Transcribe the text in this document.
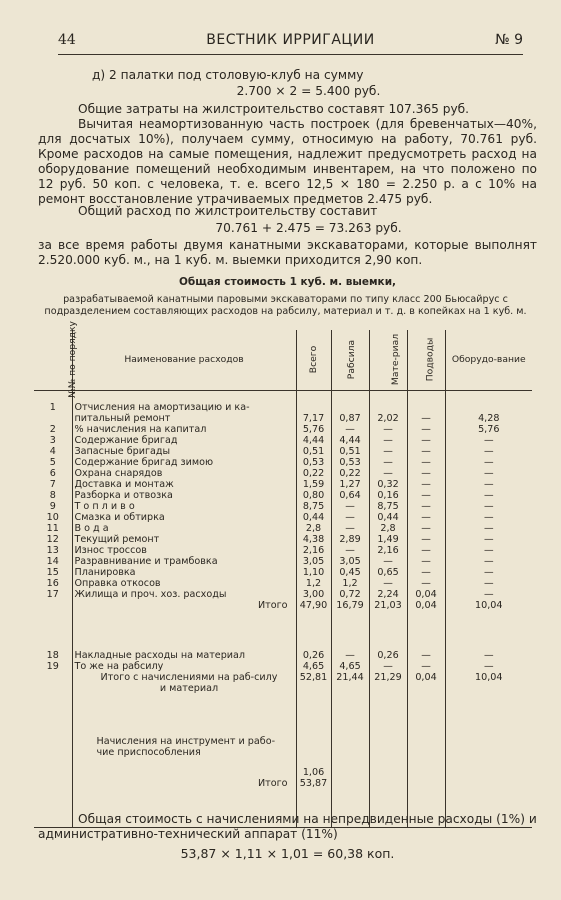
44	ВЕСТНИК ИРРИГАЦИИ	№ 9
д) 2 палатки под столовую-клуб на сумму
2.700 × 2 = 5.400 руб.
Общие затраты на жилстроительство составят 107.365 руб.
Вычитая неамортизованную часть построек (для бревенчатых—40%, для досчатых 10%), получаем сумму, относимую на работу, 70.761 руб. Кроме расходов на самые помещения, надлежит предусмотреть расход на оборудование помещений необходимым инвентарем, на что положено по 12 руб. 50 коп. с человека, т. е. всего 12,5 × 180 = 2.250 р. а с 10% на ремонт восстановление утрачиваемых предметов 2.475 руб.
Общий расход по жилстроительству составит
70.761 + 2.475 = 73.263 руб.
за все время работы двумя канатными экскаваторами, которые выполнят 2.520.000 куб. м., на 1 куб. м. выемки приходится 2,90 коп.
Общая стоимость 1 куб. м. выемки,
разрабатываемой канатными паровыми экскаваторами по типу класс 200 Бьюсайрус с подразделением составляющих расходов на рабсилу, материал и т. д. в копейках на 1 куб. м.
№№ по порядку	Наименование расходов	Всего	Рабсила	Мате-риал	Подводы	Оборудо-вание

1	Отчисления на амортизацию и ка-					
	питальный ремонт	7,17	0,87	2,02	—	4,28
2	% начисления на капитал	5,76	—	—	—	5,76
3	Содержание бригад	4,44	4,44	—	—	—
4	Запасные бригады	0,51	0,51	—	—	—
5	Содержание бригад зимою	0,53	0,53	—	—	—
6	Охрана снарядов	0,22	0,22	—	—	—
7	Доставка и монтаж	1,59	1,27	0,32	—	—
8	Разборка и отвозка	0,80	0,64	0,16	—	—
9	Т о п л и в о	8,75	—	8,75	—	—
10	Смазка и обтирка	0,44	—	0,44	—	—
11	В о д а	2,8	—	2,8	—	—
12	Текущий ремонт	4,38	2,89	1,49	—	—
13	Износ троссов	2,16	—	2,16	—	—
14	Разравнивание и трамбовка	3,05	3,05	—	—	—
15	Планировка	1,10	0,45	0,65	—	—
16	Оправка откосов	1,2	1,2	—	—	—
17	Жилища и проч. хоз. расходы	3,00	0,72	2,24	0,04	—
	Итого	47,90	16,79	21,03	0,04	10,04
18	Накладные расходы на материал	0,26	—	0,26	—	—
19	То же на рабсилу	4,65	4,65	—	—	—
	Итого с начислениями на раб-силу и материал	52,81	21,44	21,29	0,04	10,04
	Начисления на инструмент и рабо-чие приспособления	1,06				
	Итого	53,87				
Общая стоимость с начислениями на непредвиденные расходы (1%) и административно-технический аппарат (11%)
53,87 × 1,11 × 1,01 = 60,38 коп.
